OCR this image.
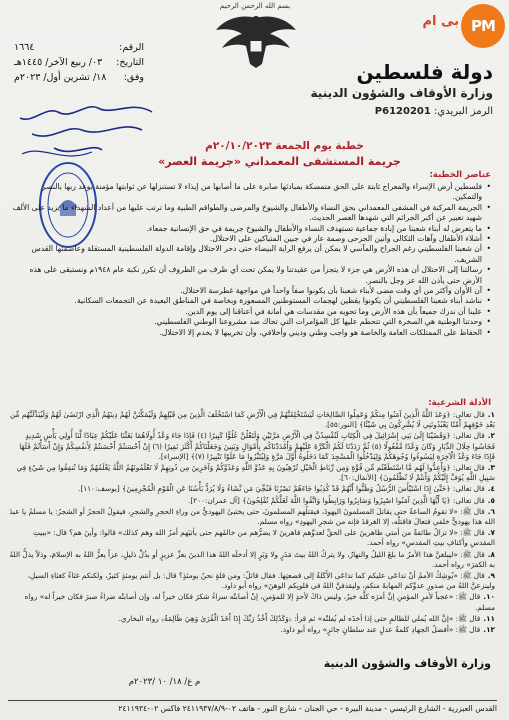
PM
ﺑﯽ اﻡ
بسم الله الرحمن الرحيم
دولة فلسطين
وزارة الأوقاف والشؤون الدينية
الرمز البريدي: P6120201
الرقم:
١٦٦٤
التاريخ:
٠٣/ ربيع الآخر/ ١٤٤٥هـ
وفق:
١٨/ تشرين أول/ ٢٠٢٣م
خطبة يوم الجمعة ٢٠/١٠/٢٠٢٣م
جريمة المستشفى المعمداني «جريمة العصر»
عناصر الخطبة:
• فلسطين أرض الإسراء والمعراج ثابتة على الحق متمسكة بمبادئها صابرة على ما أصابها من إيذاء لا تستنزلها عن ثوابتها مؤمنة بوعد ربها بالنصر والتمكين.
• الجريمة المركبة في المشفى المعمداني بحق النساء والأطفال والشيوخ والمرضى والطواقم الطبية وما ترتب عليها من أعداد الشهداء ما يزيد على الألف شهيد تعبير عن أكبر الجرائم التي شهدها العصر الحديث.
• ما يتعرض له أبناء شعبنا من إبادة جماعية تستهدف النساء والأطفال والشيوخ جريمة في حق الإنسانية جمعاء.
• أشلاء الأطفال وآهات الثكالى وأنين الجرحى وصمة عار في جبين المتباكين على الاحتلال.
• أن شعبنا الفلسطيني رغم الجراح والمآسي لا يمكن أن يرفع الراية البيضاء حتى دحر الاحتلال وإقامة الدولة الفلسطينية المستقلة وعاصمتها القدس الشريف.
• رسالتنا إلى الاحتلال أن هذه الأرض هي جزء لا يتجزأ من عقيدتنا ولا يمكن تحت أي ظرف من الظروف أن تكرر نكبة عام ١٩٤٨م ونستبقى على هذه الأرض حتى يأذن الله عز وجل بالنصر.
• آن الأوان وأكثر من أي وقت مضى لأبناء شعبنا بأن يكونوا صفاً واحداً في مواجهة غطرسة الاحتلال.
• نناشد أبناء شعبنا الفلسطيني أن يكونوا يقظين لهجمات المستوطنين المسعورة وبخاصة في المناطق البعيدة عن التجمعات السكانية.
• علينا أن ندرك جميعاً بأن هذه الأرض وما تحويه من مقدسات هي أمانة في أعناقنا إلى يوم الدين.
• وحدتنا الوطنية هي الصخرة التي تتحطم عليها كل المؤامرات التي تحاك ضد مشروعنا الوطني الفلسطيني.
• الحفاظ على الممتلكات العامة والخاصة هو واجب وطني وديني وأخلاقي، وأن تخريبها لا يخدم إلا الاحتلال.
الأدلة الشرعية:
١.قال تعالى: ﴿وَعَدَ اللَّهُ الَّذِينَ آمَنُوا مِنكُمْ وَعَمِلُوا الصَّالِحَاتِ لَيَسْتَخْلِفَنَّهُمْ فِي الْأَرْضِ كَمَا اسْتَخْلَفَ الَّذِينَ مِن قَبْلِهِمْ وَلَيُمَكِّنَنَّ لَهُمْ دِينَهُمُ الَّذِي ارْتَضَىٰ لَهُمْ وَلَيُبَدِّلَنَّهُم مِّن بَعْدِ خَوْفِهِمْ أَمْنًا يَعْبُدُونَنِي لَا يُشْرِكُونَ بِي شَيْئًا﴾ [النور:٥٥].
٢.قال تعالى: ﴿وَقَضَيْنَا إِلَىٰ بَنِي إِسْرَائِيلَ فِي الْكِتَابِ لَتُفْسِدُنَّ فِي الْأَرْضِ مَرَّتَيْنِ وَلَتَعْلُنَّ عُلُوًّا كَبِيرًا (٤) فَإِذَا جَاءَ وَعْدُ أُولَاهُمَا بَعَثْنَا عَلَيْكُمْ عِبَادًا لَّنَا أُولِي بَأْسٍ شَدِيدٍ فَجَاسُوا خِلَالَ الدِّيَارِ وَكَانَ وَعْدًا مَّفْعُولًا (٥) ثُمَّ رَدَدْنَا لَكُمُ الْكَرَّةَ عَلَيْهِمْ وَأَمْدَدْنَاكُم بِأَمْوَالٍ وَبَنِينَ وَجَعَلْنَاكُمْ أَكْثَرَ نَفِيرًا (٦) إِنْ أَحْسَنتُمْ أَحْسَنتُمْ لِأَنفُسِكُمْ وَإِنْ أَسَأْتُمْ فَلَهَا فَإِذَا جَاءَ وَعْدُ الْآخِرَةِ لِيَسُوءُوا وُجُوهَكُمْ وَلِيَدْخُلُوا الْمَسْجِدَ كَمَا دَخَلُوهُ أَوَّلَ مَرَّةٍ وَلِيُتَبِّرُوا مَا عَلَوْا تَتْبِيرًا (٧)﴾ [الإسراء].
٣.قال تعالى: ﴿وَأَعِدُّوا لَهُم مَّا اسْتَطَعْتُم مِّن قُوَّةٍ وَمِن رِّبَاطِ الْخَيْلِ تُرْهِبُونَ بِهِ عَدُوَّ اللَّهِ وَعَدُوَّكُمْ وَآخَرِينَ مِن دُونِهِمْ لَا تَعْلَمُونَهُمُ اللَّهُ يَعْلَمُهُمْ وَمَا تُنفِقُوا مِن شَيْءٍ فِي سَبِيلِ اللَّهِ يُوَفَّ إِلَيْكُمْ وَأَنتُمْ لَا تُظْلَمُونَ﴾ [الأنفال:٦٠].
٤.قال تعالى: ﴿حَتَّىٰ إِذَا اسْتَيْأَسَ الرُّسُلُ وَظَنُّوا أَنَّهُمْ قَدْ كُذِبُوا جَاءَهُمْ نَصْرُنَا فَنُجِّيَ مَن نَّشَاءُ وَلَا يُرَدُّ بَأْسُنَا عَنِ الْقَوْمِ الْمُجْرِمِينَ﴾ [يوسف:١١٠].
٥.قال تعالى: ﴿يَا أَيُّهَا الَّذِينَ آمَنُوا اصْبِرُوا وَصَابِرُوا وَرَابِطُوا وَاتَّقُوا اللَّهَ لَعَلَّكُمْ تُفْلِحُونَ﴾ [آل عمران:٢٠٠].
٦.قال ﷺ: «لا تقومُ الساعةُ حتى يقاتلَ المسلمونَ اليهودَ، فيقتلُهم المسلمونَ، حتى يختبئَ اليهوديُّ من وراءِ الحجرِ والشجرِ، فيقولُ الحجرُ أو الشجرُ: يا مسلمُ يا عبدَ الله هذا يهوديٌّ خلفي فتعالَ فاقتلْه، إلا الغرقدَ فإنه من شجرِ اليهودِ» رواه مسلم.
٧.قال ﷺ: «لا تزالُ طائفةٌ من أمتي ظاهرينَ على الحقِّ لعدوِّهم قاهرينَ لا يضرُّهم من خالفَهم حتى يأتيَهم أمرُ الله وهم كذلك» قالوا: وأينَ هم؟ قال: «ببيتِ المقدسِ وأكنافِ بيتِ المقدسِ» رواه أحمد.
٨.قال ﷺ: «ليبلغنَّ هذا الأمرُ ما بلغَ الليلُ والنهارُ، ولا يتركُ اللهُ بيتَ مَدَرٍ ولا وَبَرٍ إلا أدخلَه اللهُ هذا الدينَ بعزِّ عزيزٍ أو بذُلِّ ذليلٍ، عزاً يعزُّ اللهُ به الإسلامَ، وذلاً يذلُّ اللهُ به الكفرَ» رواه أحمد.
٩.قال ﷺ: «يُوشِكُ الأممُ أنْ تداعَى عليكم كما تداعَى الأَكَلةُ إلى قصعتِها. فقال قائلٌ: ومن قلةٍ نحنُ يومئذٍ؟ قال: بل أنتم يومئذٍ كثيرٌ، ولكنكم غثاءٌ كغثاءِ السيلِ، ولينزعنَّ اللهُ من صدورِ عدوِّكم المهابةَ منكم، وليقذفنَّ اللهُ في قلوبِكم الوهنَ» رواه أبو داود.
١٠.قال ﷺ: «عجباً لأمرِ المؤمنِ إنَّ أمرَه كلَّه خيرٌ، وليس ذاكَ لأحدٍ إلا للمؤمنِ، إنْ أصابتْه سراءُ شكرَ فكان خيراً له، وإن أصابتْه ضراءُ صبرَ فكان خيراً له» رواه مسلم.
١١.قال ﷺ: «إنَّ الله يُملي للظالمِ حتى إذا أخذَه لم يُفلتْه» ثم قرأ: ﴿وَكَذَٰلِكَ أَخْذُ رَبِّكَ إِذَا أَخَذَ الْقُرَىٰ وَهِيَ ظَالِمَةٌ﴾ رواه البخاري.
١٢.قال ﷺ: «أفضلُ الجهادِ كلمةُ عدلٍ عند سلطانٍ جائرٍ» رواه أبو داود.
وزارة الأوقاف والشؤون الدينية
م ع/ ١٨/ ١٠ /٢٠٢٣م
القدس العيزرية - الشارع الرئيسي - مدينة البيرة - حي الجنان - شارع النور - هاتف ٠٢-٢٤١١٩٣٧/٨/٩ فاكس ٠٢-٢٤١١٩٣٤
